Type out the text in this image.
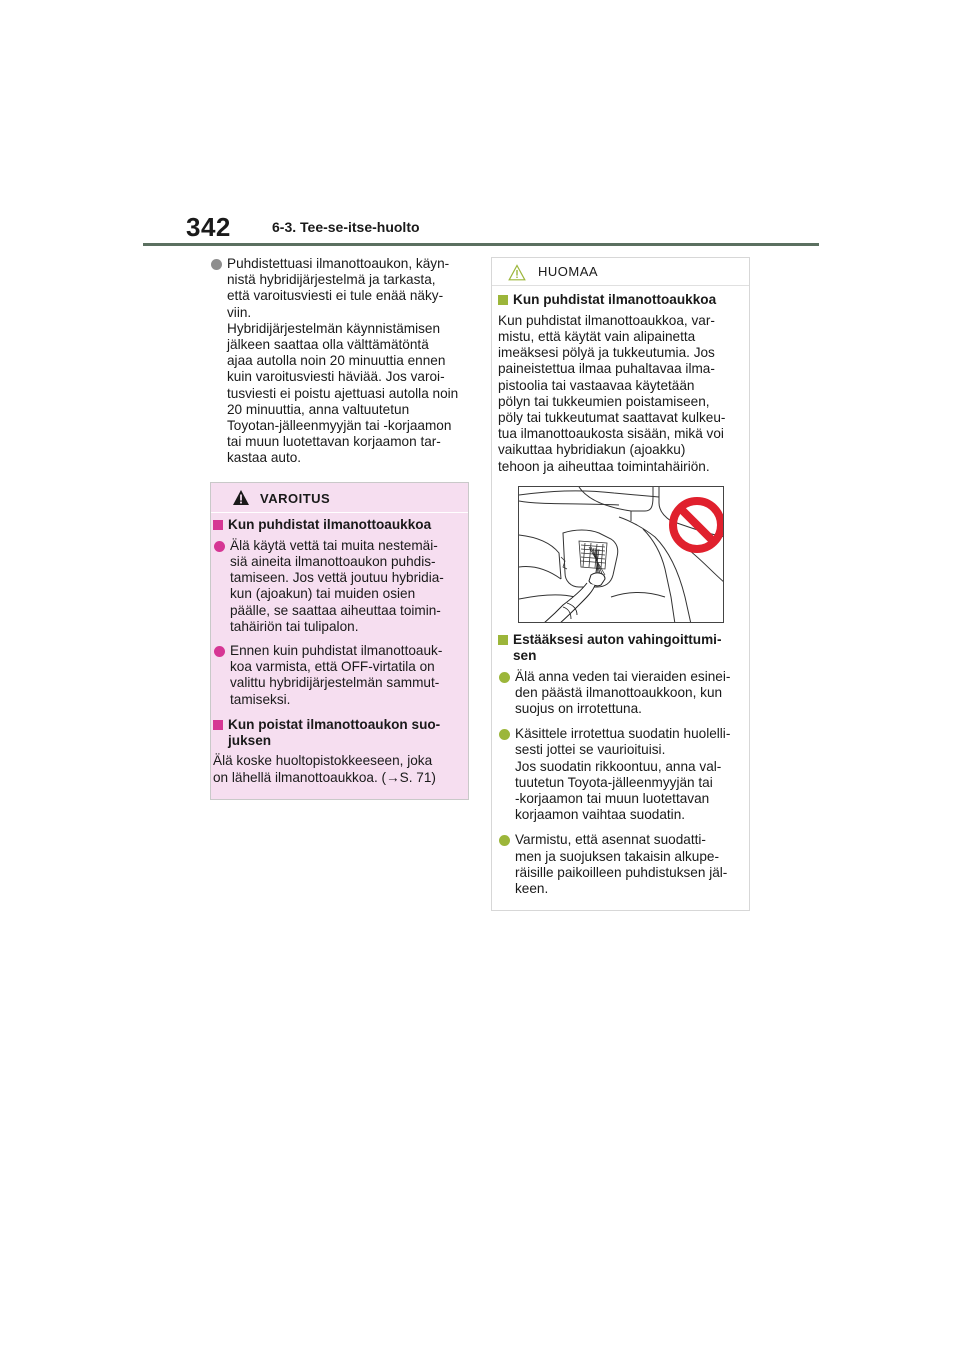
342	6-3. Tee-se-itse-huolto
Puhdistettuasi ilmanottoaukon, käyn-
nistä hybridijärjestelmä ja tarkasta,
että varoitusviesti ei tule enää näky-
viin.
Hybridijärjestelmän käynnistämisen
jälkeen saattaa olla välttämätöntä
ajaa autolla noin 20 minuuttia ennen
kuin varoitusviesti häviää. Jos varoi-
tusviesti ei poistu ajettuasi autolla noin
20 minuuttia, anna valtuutetun
Toyotan-jälleenmyyjän tai -korjaamon
tai muun luotettavan korjaamon tar-
kastaa auto.
VAROITUS
Kun puhdistat ilmanottoaukkoa
Älä käytä vettä tai muita nestemäi-
siä aineita ilmanottoaukon puhdis-
tamiseen. Jos vettä joutuu hybridia-
kun (ajoakun) tai muiden osien
päälle, se saattaa aiheuttaa toimin-
tahäiriön tai tulipalon.
Ennen kuin puhdistat ilmanottoauk-
koa varmista, että OFF-virtatila on
valittu hybridijärjestelmän sammut-
tamiseksi.
Kun poistat ilmanottoaukon suo-
juksen
Älä koske huoltopistokkeeseen, joka
on lähellä ilmanottoaukkoa. (→S. 71)
HUOMAA
Kun puhdistat ilmanottoaukkoa
Kun puhdistat ilmanottoaukkoa, var-
mistu, että käytät vain alipainetta
imeäksesi pölyä ja tukkeutumia. Jos
paineistettua ilmaa puhaltavaa ilma-
pistoolia tai vastaavaa käytetään
pölyn tai tukkeumien poistamiseen,
pöly tai tukkeutumat saattavat kulkeu-
tua ilmanottoaukosta sisään, mikä voi
vaikuttaa hybridiakun (ajoakku)
tehoon ja aiheuttaa toimintahäiriön.
Estääksesi auton vahingoittumi-
sen
Älä anna veden tai vieraiden esinei-
den päästä ilmanottoaukkoon, kun
suojus on irrotettuna.
Käsittele irrotettua suodatin huolelli-
sesti jottei se vaurioituisi.
Jos suodatin rikkoontuu, anna val-
tuutetun Toyota-jälleenmyyjän tai
-korjaamon tai muun luotettavan
korjaamon vaihtaa suodatin.
Varmistu, että asennat suodatti-
men ja suojuksen takaisin alkupe-
räisille paikoilleen puhdistuksen jäl-
keen.
